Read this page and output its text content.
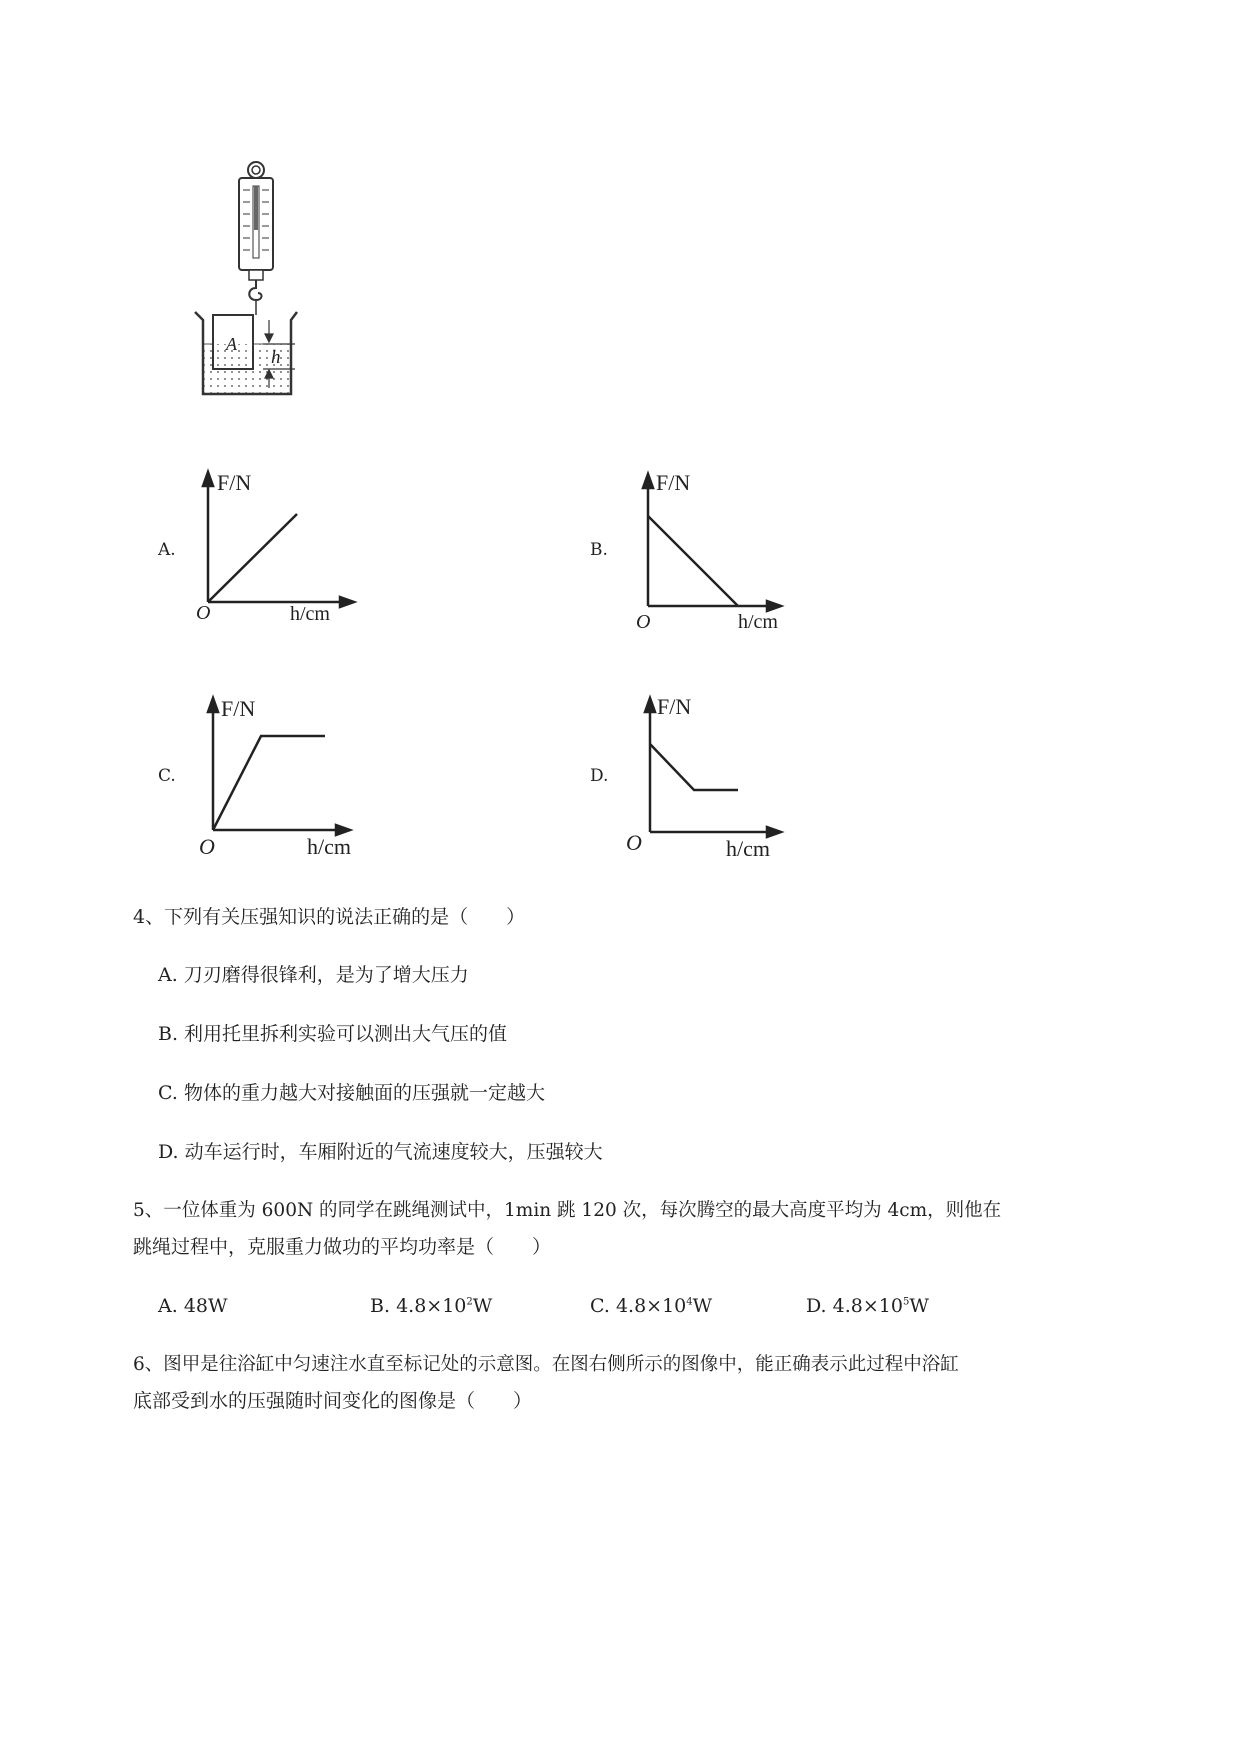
A
h
A.
F/N
O	h/cm
B.
F/N
O	h/cm
C.
F/N
O	h/cm
D.
F/N
O	h/cm
4、下列有关压强知识的说法正确的是（　　）
A. 刀刃磨得很锋利，是为了增大压力
B. 利用托里拆利实验可以测出大气压的值
C. 物体的重力越大对接触面的压强就一定越大
D. 动车运行时，车厢附近的气流速度较大，压强较大
5、一位体重为 600N 的同学在跳绳测试中，1min 跳 120 次，每次腾空的最大高度平均为 4cm，则他在
跳绳过程中，克服重力做功的平均功率是（　　）
A. 48W	B. $4.8\times 10^2W$	C. $4.8\times 10^4W$	D. $4.8\times 10^5W$
6、图甲是往浴缸中匀速注水直至标记处的示意图。在图右侧所示的图像中，能正确表示此过程中浴缸
底部受到水的压强随时间变化的图像是（　　）
